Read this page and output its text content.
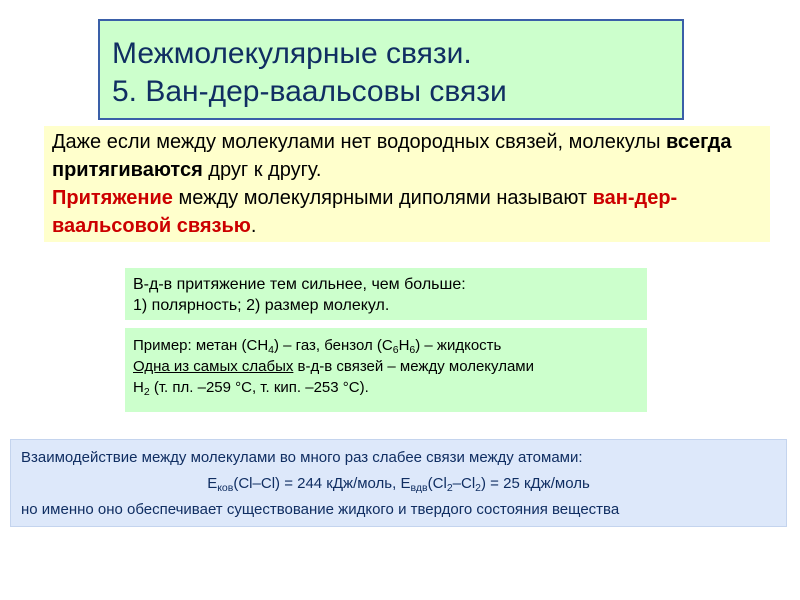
Межмолекулярные связи.
5. Ван-дер-ваальсовы связи
Даже если между молекулами нет водородных связей, молекулы всегда притягиваются друг к другу.
Притяжение между молекулярными диполями называют ван-дер-ваальсовой связью.
В-д-в притяжение тем сильнее, чем больше:
1) полярность; 2) размер молекул.
Пример: метан $(CH_4)$ – газ, бензол $(C_6H_6)$ – жидкость
Одна из самых слабых в-д-в связей – между молекулами
$H_2$ (т. пл. –259 °С, т. кип. –253 °С).
Взаимодействие между молекулами во много раз слабее связи между атомами:
$E_{ков}(Cl-Cl) = 244$ кДж/моль, $E_{вдв}(Cl_2-Cl_2) = 25$ кДж/моль
но именно оно обеспечивает существование жидкого и твердого состояния вещества
